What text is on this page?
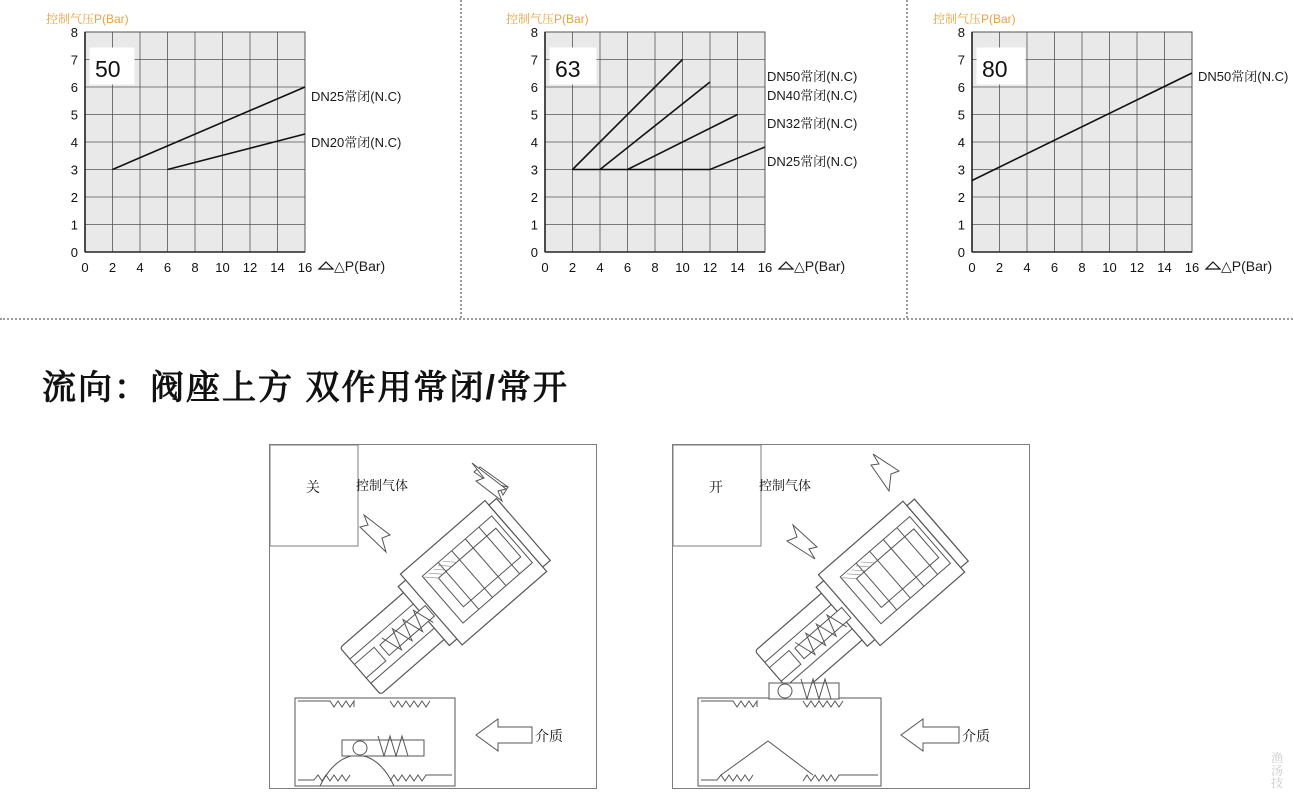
控制气压P(Bar)
50
8
7
6
5
4
3
2
1
0
0 2 4 6 8 10 12 14 16 △P(Bar)
DN25常闭(N.C)
DN20常闭(N.C)
控制气压P(Bar)
63
8
7
6
5
4
3
2
1
0
0 2 4 6 8 10 12 14 16 △P(Bar)
DN50常闭(N.C)
DN40常闭(N.C)
DN32常闭(N.C)
DN25常闭(N.C)
控制气压P(Bar)
80
8
7
6
5
4
3
2
1
0
0 2 4 6 8 10 12 14 16 △P(Bar)
DN50常闭(N.C)
流向：阀座上方 双作用常闭/常开
关	控制气体
介质
开	控制气体
介质
渔汤技
